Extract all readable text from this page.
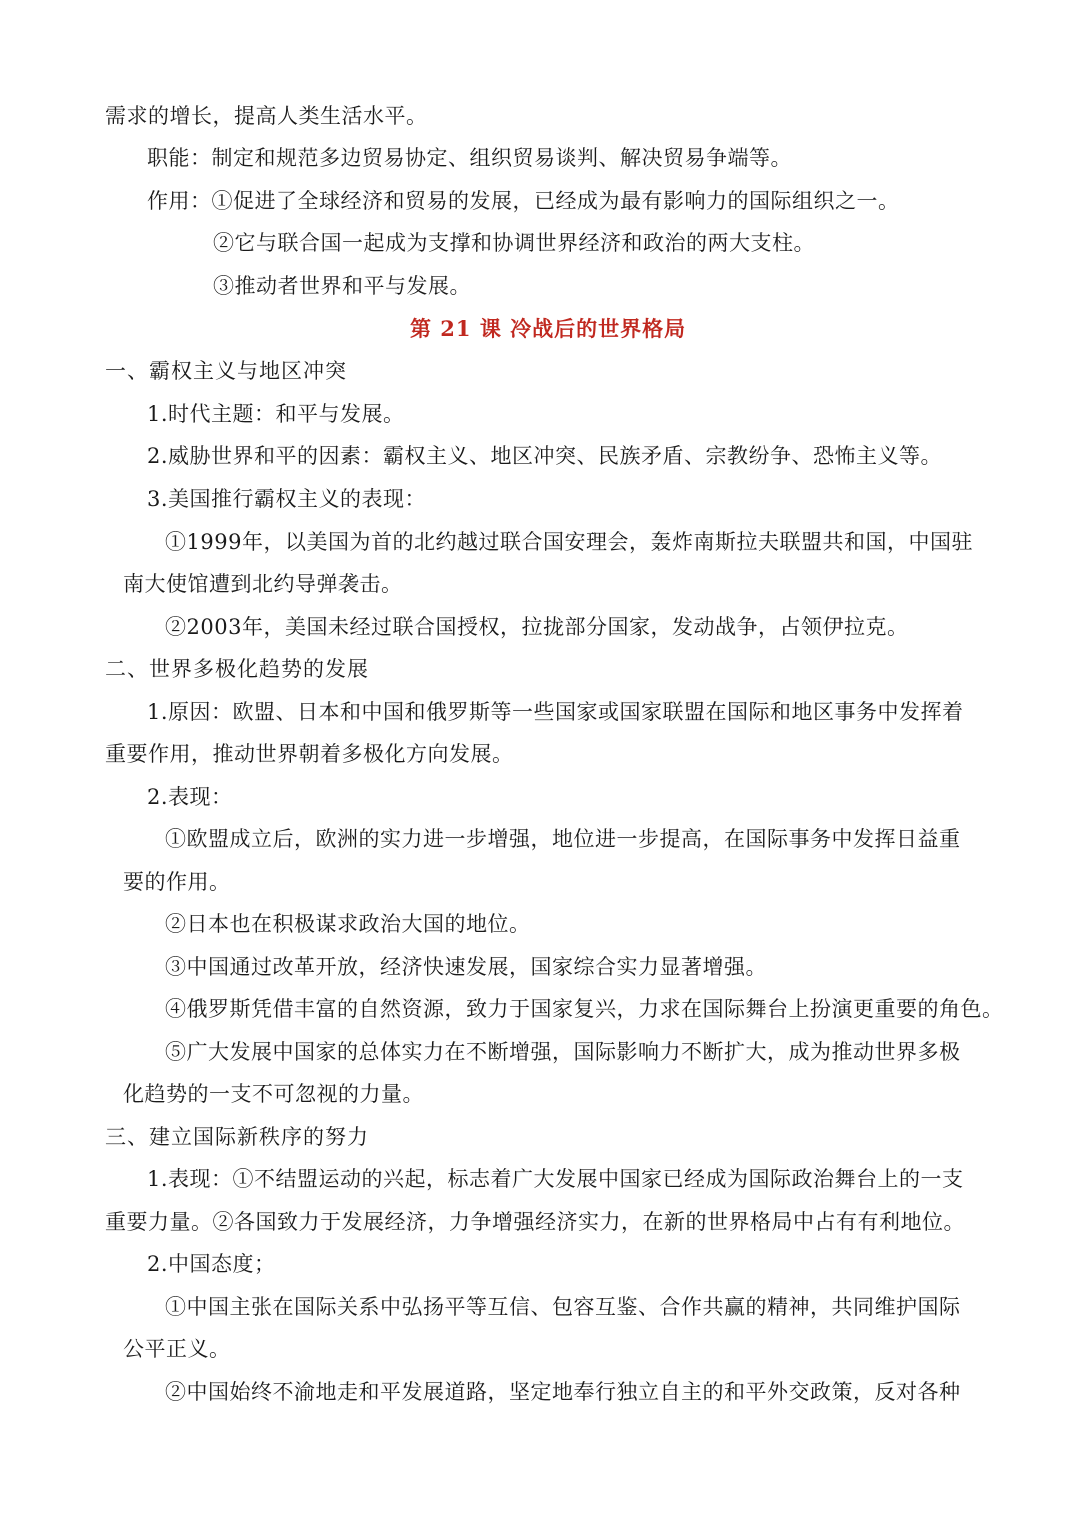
需求的增长，提高人类生活水平。
职能：制定和规范多边贸易协定、组织贸易谈判、解决贸易争端等。
作用：①促进了全球经济和贸易的发展，已经成为最有影响力的国际组织之一。
②它与联合国一起成为支撑和协调世界经济和政治的两大支柱。
③推动者世界和平与发展。
第 21 课 冷战后的世界格局
一、霸权主义与地区冲突
1.时代主题：和平与发展。
2.威胁世界和平的因素：霸权主义、地区冲突、民族矛盾、宗教纷争、恐怖主义等。
3.美国推行霸权主义的表现：
①1999年，以美国为首的北约越过联合国安理会，轰炸南斯拉夫联盟共和国，中国驻
南大使馆遭到北约导弹袭击。
②2003年，美国未经过联合国授权，拉拢部分国家，发动战争，占领伊拉克。
二、世界多极化趋势的发展
1.原因：欧盟、日本和中国和俄罗斯等一些国家或国家联盟在国际和地区事务中发挥着
重要作用，推动世界朝着多极化方向发展。
2.表现：
①欧盟成立后，欧洲的实力进一步增强，地位进一步提高，在国际事务中发挥日益重
要的作用。
②日本也在积极谋求政治大国的地位。
③中国通过改革开放，经济快速发展，国家综合实力显著增强。
④俄罗斯凭借丰富的自然资源，致力于国家复兴，力求在国际舞台上扮演更重要的角色。
⑤广大发展中国家的总体实力在不断增强，国际影响力不断扩大，成为推动世界多极
化趋势的一支不可忽视的力量。
三、建立国际新秩序的努力
1.表现：①不结盟运动的兴起，标志着广大发展中国家已经成为国际政治舞台上的一支
重要力量。②各国致力于发展经济，力争增强经济实力，在新的世界格局中占有有利地位。
2.中国态度；
①中国主张在国际关系中弘扬平等互信、包容互鉴、合作共赢的精神，共同维护国际
公平正义。
②中国始终不渝地走和平发展道路，坚定地奉行独立自主的和平外交政策，反对各种
